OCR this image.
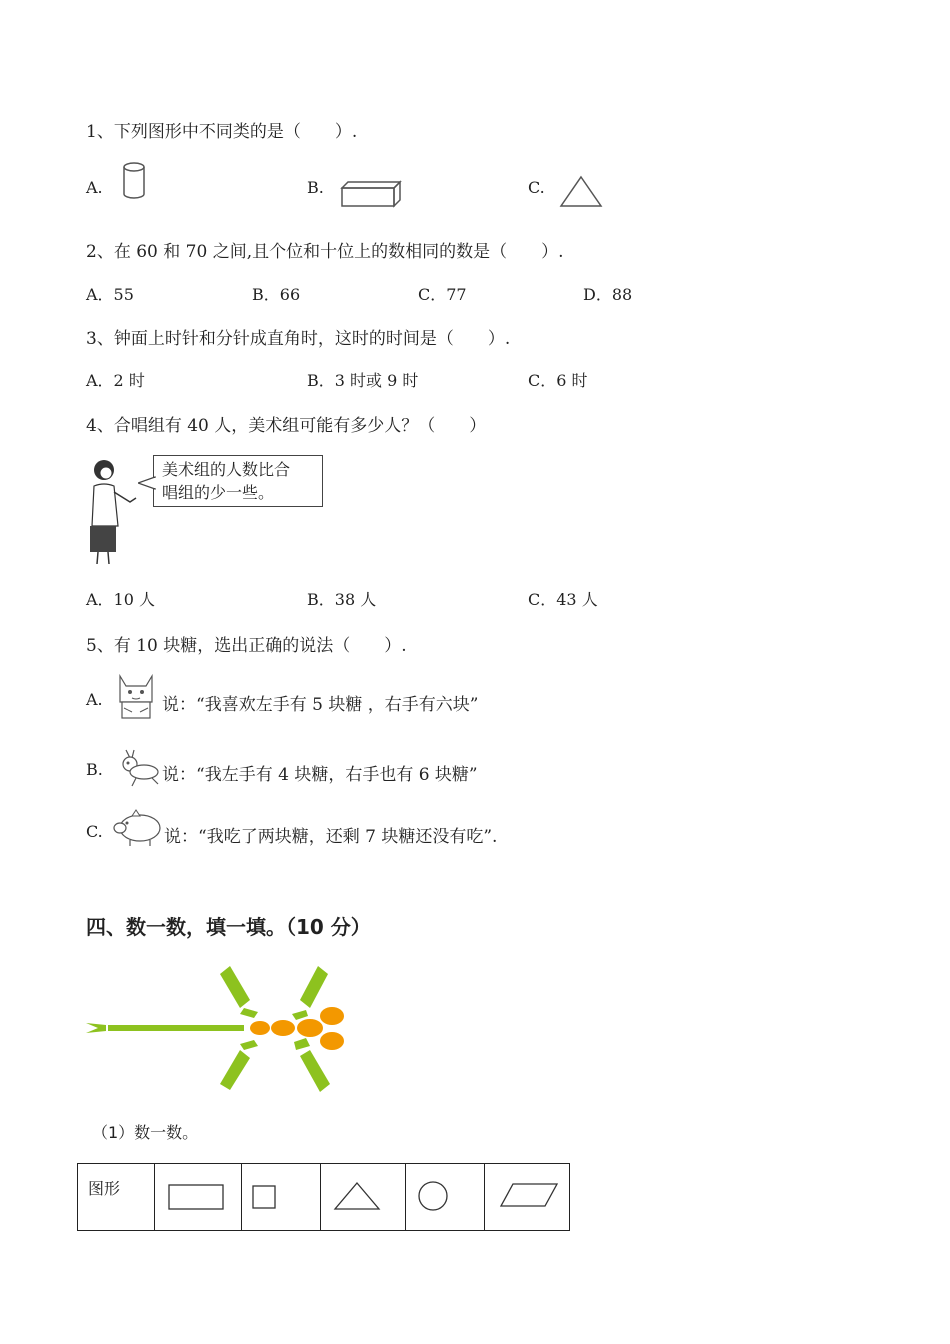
1、下列图形中不同类的是（　　）.
A.	B.	C.
2、在 60 和 70 之间,且个位和十位上的数相同的数是（　　）.
A．55	B．66	C．77	D．88
3、钟面上时针和分针成直角时，这时的时间是（　　）.
A．2 时	B．3 时或 9 时	C．6 时
4、合唱组有 40 人，美术组可能有多少人？（　　）
美术组的人数比合
唱组的少一些。
A．10 人	B．38 人	C．43 人
5、有 10 块糖，选出正确的说法（　　）.
A.	说：“我喜欢左手有 5 块糖 ，右手有六块”
B.	说：“我左手有 4 块糖，右手也有 6 块糖”
C.	说：“我吃了两块糖，还剩 7 块糖还没有吃”.
四、数一数，填一填。（10 分）
（1）数一数。
图形
